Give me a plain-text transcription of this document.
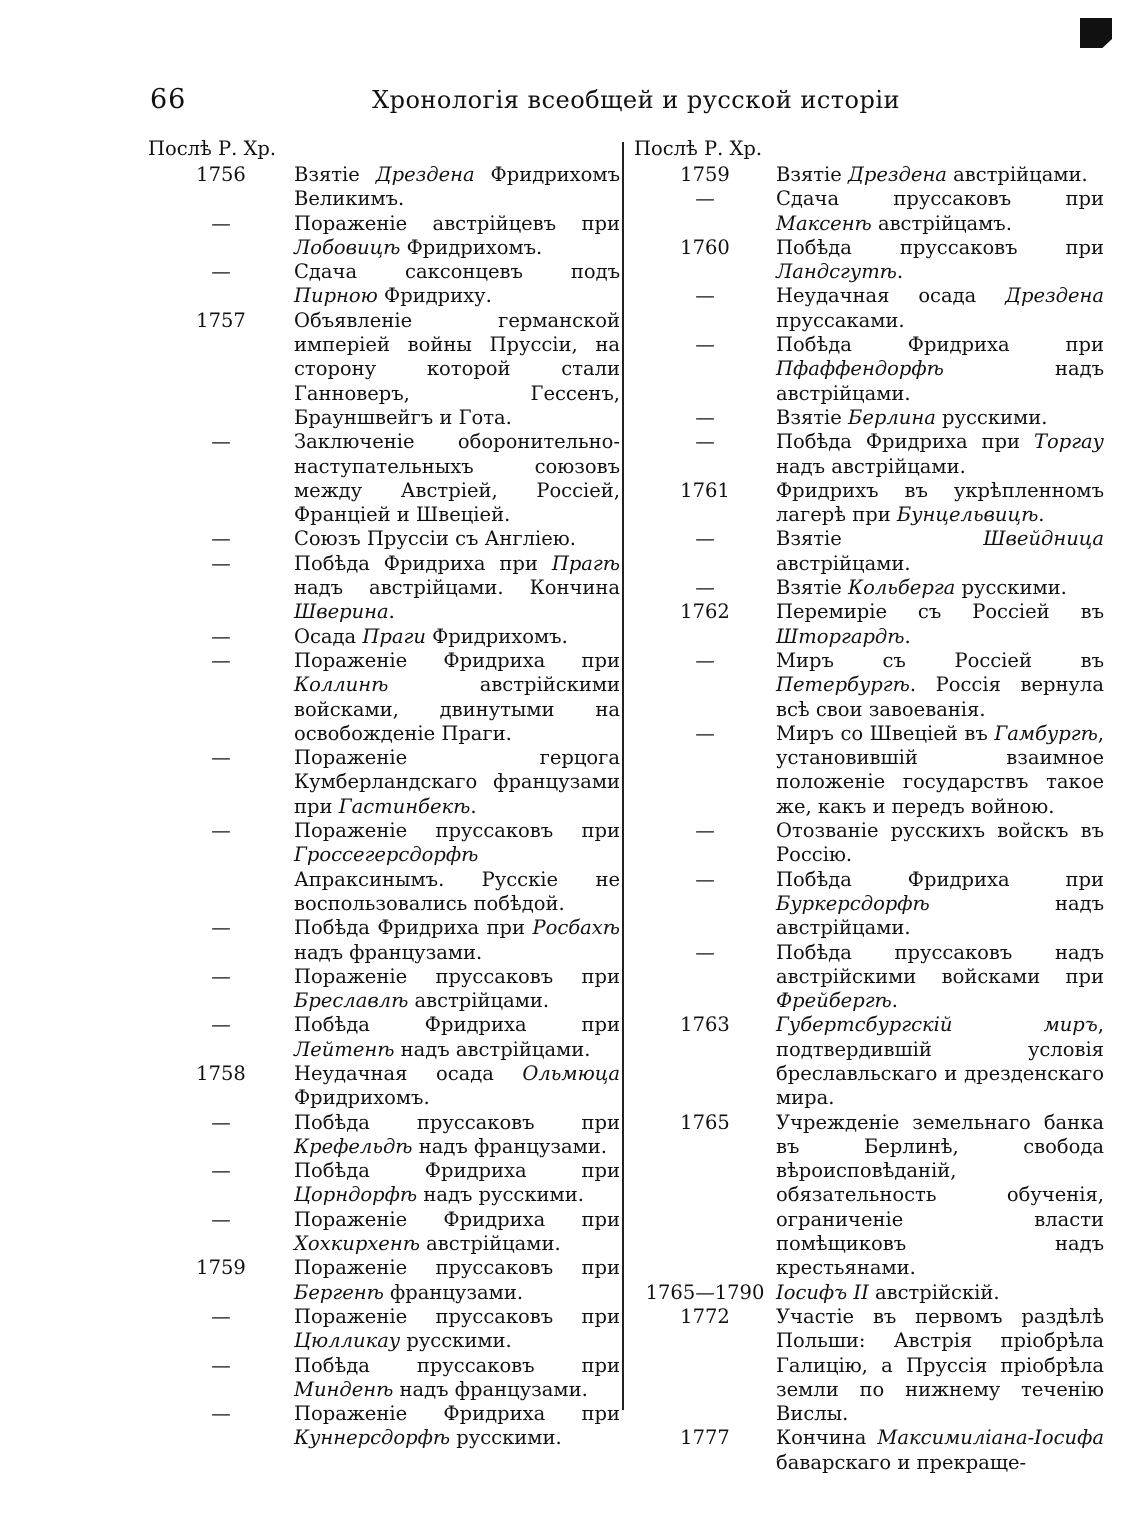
66	Хронологія всеобщей и русской исторiи
Послѣ Р. Хр.
1756	Взятіе Дрездена Фридрихомъ Великимъ.
—	Пораженіе австрійцевъ при Лобовицѣ Фридрихомъ.
—	Сдача саксонцевъ подъ Пирною Фридриху.
1757	Объявленіе германской имперіей войны Пруссіи, на сторону которой стали Ганноверъ, Гессенъ, Брауншвейгъ и Гота.
—	Заключеніе оборонительно-наступательныхъ союзовъ между Австріей, Россіей, Франціей и Швеціей.
—	Союзъ Пруссіи съ Англіею.
—	Побѣда Фридриха при Прагѣ надъ австрійцами. Кончина Шверина.
—	Осада Праги Фридрихомъ.
—	Пораженіе Фридриха при Коллинѣ австрійскими войсками, двинутыми на освобожденіе Праги.
—	Пораженіе герцога Кумберландскаго французами при Гастинбекѣ.
—	Пораженіе пруссаковъ при Гроссегерсдорфѣ Апраксинымъ. Русскіе не воспользовались побѣдой.
—	Побѣда Фридриха при Росбахѣ надъ французами.
—	Пораженіе пруссаковъ при Бреславлѣ австрійцами.
—	Побѣда Фридриха при Лейтенѣ надъ австрійцами.
1758	Неудачная осада Ольмюца Фридрихомъ.
—	Побѣда пруссаковъ при Крефельдѣ надъ французами.
—	Побѣда Фридриха при Цорндорфѣ надъ русскими.
—	Пораженіе Фридриха при Хохкирхенѣ австрійцами.
1759	Пораженіе пруссаковъ при Бергенѣ французами.
—	Пораженіе пруссаковъ при Цюлликау русскими.
—	Побѣда пруссаковъ при Минденѣ надъ французами.
—	Пораженіе Фридриха при Куннерсдорфѣ русскими.
Послѣ Р. Хр.
1759	Взятіе Дрездена австрійцами.
—	Сдача пруссаковъ при Максенѣ австрійцамъ.
1760	Побѣда пруссаковъ при Ландсгутѣ.
—	Неудачная осада Дрездена пруссаками.
—	Побѣда Фридриха при Пфаффендорфѣ надъ австрійцами.
—	Взятіе Берлина русскими.
—	Побѣда Фридриха при Торгау надъ австрійцами.
1761	Фридрихъ въ укрѣпленномъ лагерѣ при Бунцельвицѣ.
—	Взятіе Швейдница австрійцами.
—	Взятіе Кольберга русскими.
1762	Перемиріе съ Россіей въ Шторгардѣ.
—	Миръ съ Россіей въ Петербургѣ. Россія вернула всѣ свои завоеванія.
—	Миръ со Швеціей въ Гамбургѣ, установившій взаимное положеніе государствъ такое же, какъ и передъ войною.
—	Отозваніе русскихъ войскъ въ Россію.
—	Побѣда Фридриха при Буркерсдорфѣ надъ австрійцами.
—	Побѣда пруссаковъ надъ австрійскими войсками при Фрейбергѣ.
1763	Губертсбургскій миръ, подтвердившій условія бреславльскаго и дрезденскаго мира.
1765	Учрежденіе земельнаго банка въ Берлинѣ, свобода вѣроисповѣданій, обязательность обученія, ограниченіе власти помѣщиковъ надъ крестьянами.
1765—1790 Іосифъ II австрійскій.
1772	Участіе въ первомъ раздѣлѣ Польши: Австрія пріобрѣла Галицію, а Пруссія пріобрѣла земли по нижнему теченію Вислы.
1777	Кончина Максимиліана-Іосифа баварскаго и прекраще-
